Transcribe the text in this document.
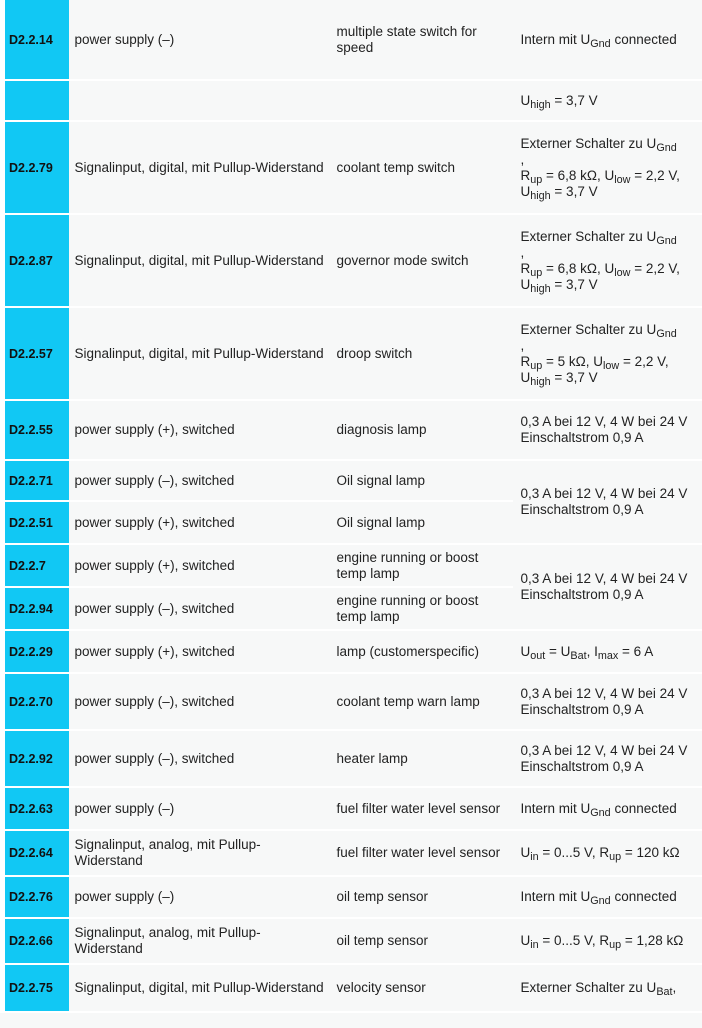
D2.2.14	power supply (–)	multiple state switch for speed	Intern mit $U_{Gnd}$ connected

			$U_{high} = 3,7$ V

D2.2.79	Signalinput, digital, mit Pullup-Widerstand	coolant temp switch	Externer Schalter zu $U_{Gnd}$
,
$R_{up} = 6,8$ kΩ, $U_{low} = 2,2$ V, $U_{high} = 3,7$ V

D2.2.87	Signalinput, digital, mit Pullup-Widerstand	governor mode switch	Externer Schalter zu $U_{Gnd}$
,
$R_{up} = 6,8$ kΩ, $U_{low} = 2,2$ V, $U_{high} = 3,7$ V

D2.2.57	Signalinput, digital, mit Pullup-Widerstand	droop switch	Externer Schalter zu $U_{Gnd}$
,
$R_{up} = 5$ kΩ, $U_{low} = 2,2$ V, $U_{high} = 3,7$ V

D2.2.55	power supply (+), switched	diagnosis lamp	0,3 A bei 12 V, 4 W bei 24 V
Einschaltstrom 0,9 A

D2.2.71	power supply (–), switched	Oil signal lamp	0,3 A bei 12 V, 4 W bei 24 V
Einschaltstrom 0,9 A

D2.2.51	power supply (+), switched	Oil signal lamp	
D2.2.7	power supply (+), switched	engine running or boost temp lamp	0,3 A bei 12 V, 4 W bei 24 V
Einschaltstrom 0,9 A

D2.2.94	power supply (–), switched	engine running or boost temp lamp	
D2.2.29	power supply (+), switched	lamp (customerspecific)	$U_{out} = U_{Bat}$, $I_{max} = 6$ A

D2.2.70	power supply (–), switched	coolant temp warn lamp	0,3 A bei 12 V, 4 W bei 24 V
Einschaltstrom 0,9 A

D2.2.92	power supply (–), switched	heater lamp	0,3 A bei 12 V, 4 W bei 24 V
Einschaltstrom 0,9 A

D2.2.63	power supply (–)	fuel filter water level sensor	Intern mit $U_{Gnd}$ connected

D2.2.64	Signalinput, analog, mit Pullup-Widerstand	fuel filter water level sensor	$U_{in} = 0...5$ V, $R_{up} = 120$ kΩ

D2.2.76	power supply (–)	oil temp sensor	Intern mit $U_{Gnd}$ connected

D2.2.66	Signalinput, analog, mit Pullup-Widerstand	oil temp sensor	$U_{in} = 0...5$ V, $R_{up} = 1,28$ kΩ

D2.2.75	Signalinput, digital, mit Pullup-Widerstand	velocity sensor	Externer Schalter zu $U_{Bat}$,
